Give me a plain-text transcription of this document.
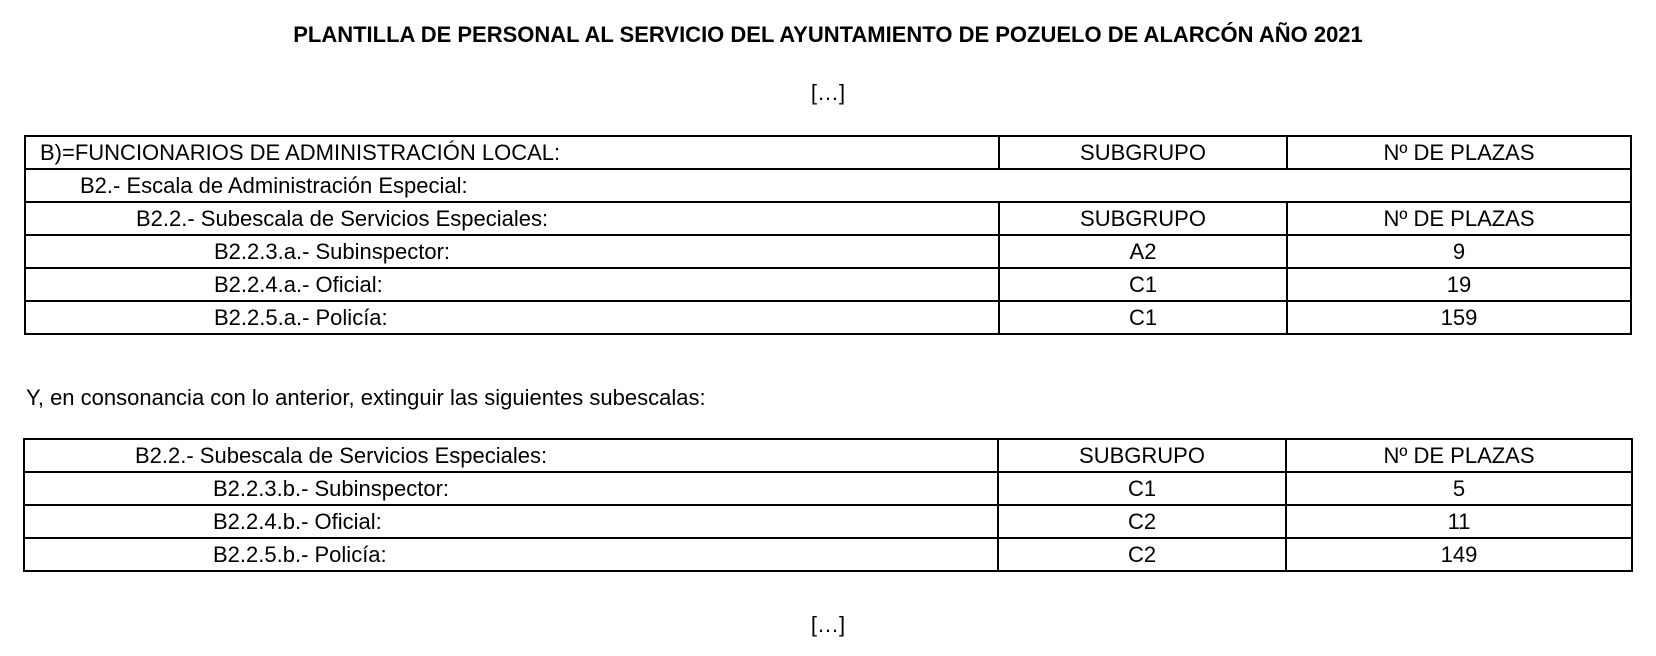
PLANTILLA DE PERSONAL AL SERVICIO DEL AYUNTAMIENTO DE POZUELO DE ALARCÓN AÑO 2021
[…]
B)=FUNCIONARIOS DE ADMINISTRACIÓN LOCAL:	SUBGRUPO	Nº DE PLAZAS
B2.- Escala de Administración Especial:		
B2.2.- Subescala de Servicios Especiales:	SUBGRUPO	Nº DE PLAZAS
B2.2.3.a.- Subinspector:	A2	9
B2.2.4.a.- Oficial:	C1	19
B2.2.5.a.- Policía:	C1	159
Y, en consonancia con lo anterior, extinguir las siguientes subescalas:
B2.2.- Subescala de Servicios Especiales:	SUBGRUPO	Nº DE PLAZAS
B2.2.3.b.- Subinspector:	C1	5
B2.2.4.b.- Oficial:	C2	11
B2.2.5.b.- Policía:	C2	149
[…]
